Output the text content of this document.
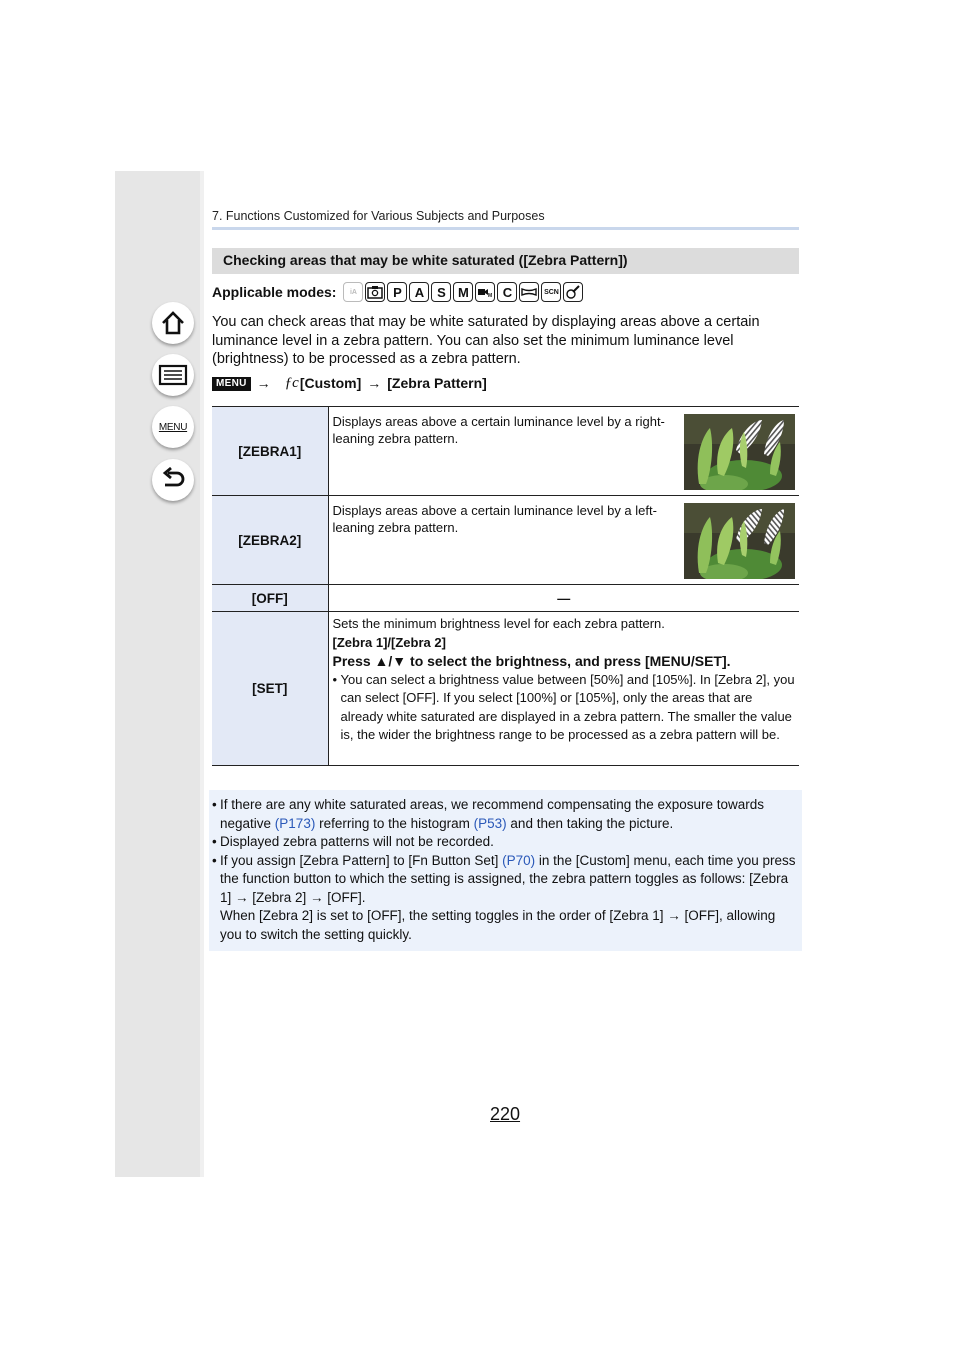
MENU
7. Functions Customized for Various Subjects and Purposes
Checking areas that may be white saturated ([Zebra Pattern])
Applicable modes:	iA	P A S M	M C	SCN
You can check areas that may be white saturated by displaying areas above a certain luminance level in a zebra pattern. You can also set the minimum luminance level (brightness) to be processed as a zebra pattern.
MENU → ƒc [Custom] → [Zebra Pattern]
[ZEBRA1]	Displays areas above a certain luminance level by a right-leaning zebra pattern.

[ZEBRA2]	Displays areas above a certain luminance level by a left-leaning zebra pattern.

[OFF]	—
[SET]	Sets the minimum brightness level for each zebra pattern.
[Zebra 1]/[Zebra 2]
Press ▲/▼ to select the brightness, and press [MENU/SET].
• You can select a brightness value between [50%] and [105%]. In [Zebra 2], you can select [OFF]. If you select [100%] or [105%], only the areas that are already white saturated are displayed in a zebra pattern. The smaller the value is, the wider the brightness range to be processed as a zebra pattern will be.
• If there are any white saturated areas, we recommend compensating the exposure towards negative (P173) referring to the histogram (P53) and then taking the picture.
• Displayed zebra patterns will not be recorded.
• If you assign [Zebra Pattern] to [Fn Button Set] (P70) in the [Custom] menu, each time you press the function button to which the setting is assigned, the zebra pattern toggles as follows: [Zebra 1] → [Zebra 2] → [OFF].
When [Zebra 2] is set to [OFF], the setting toggles in the order of [Zebra 1] → [OFF], allowing you to switch the setting quickly.
220
